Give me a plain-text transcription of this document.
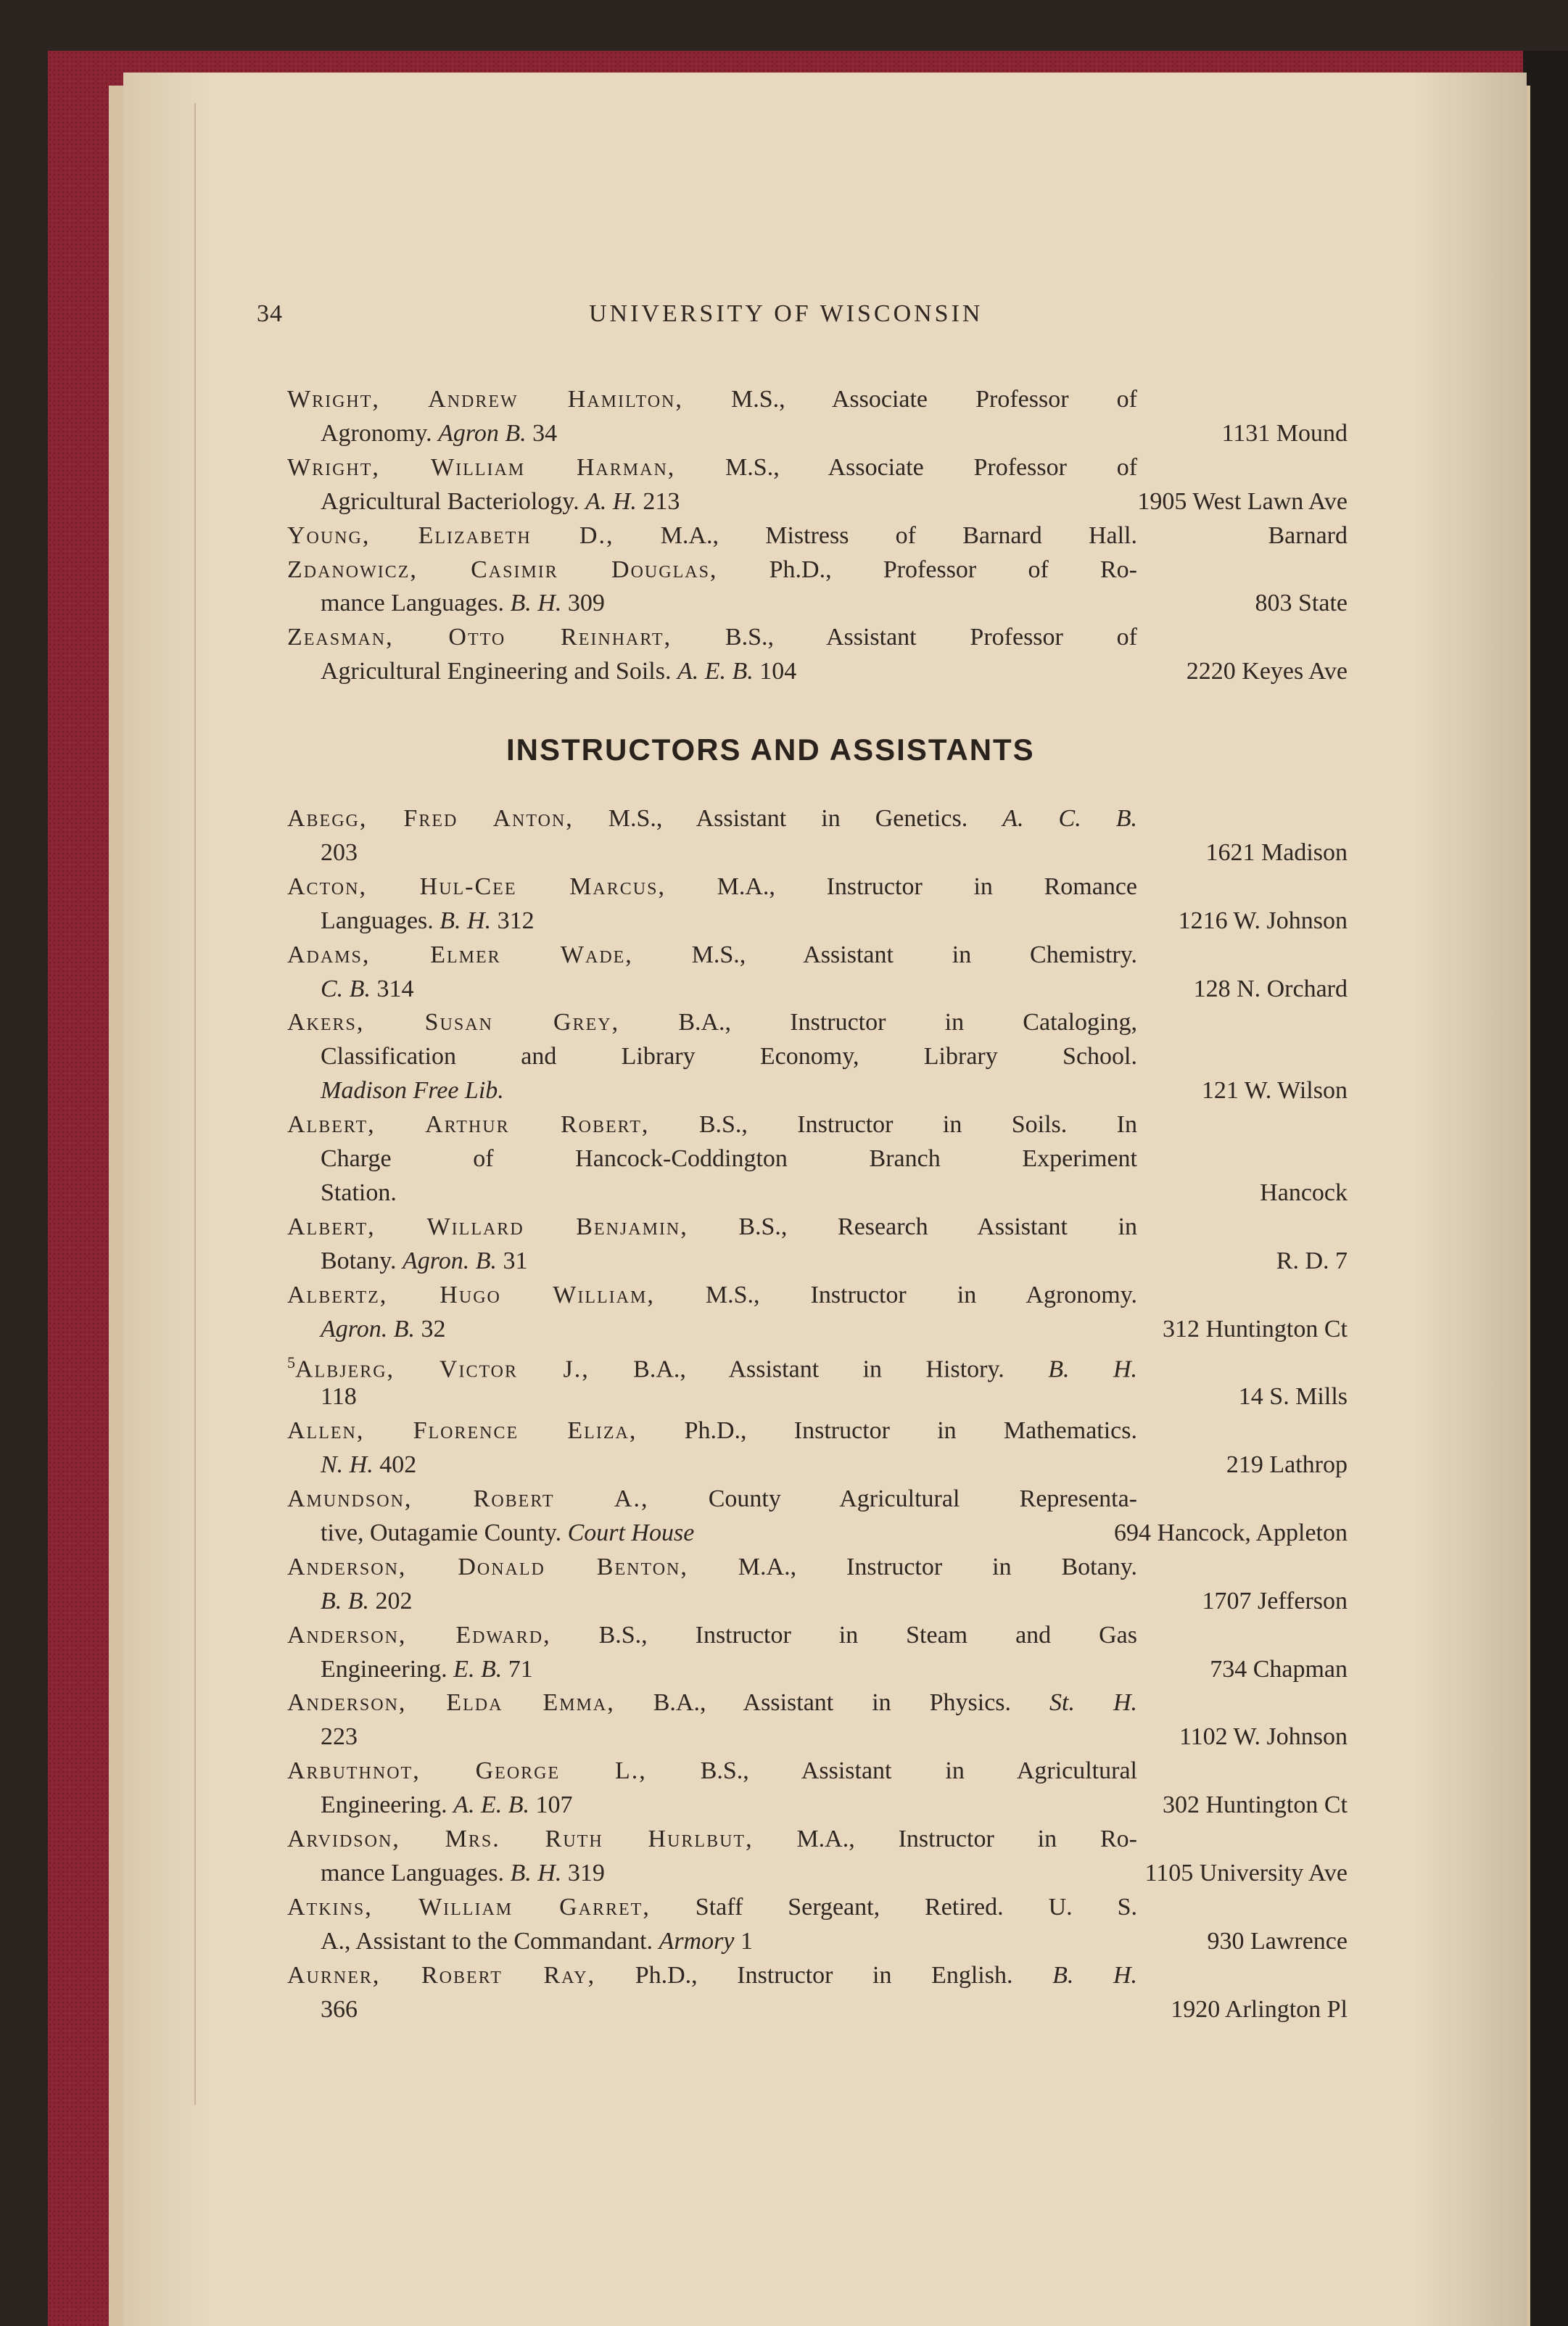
34	UNIVERSITY OF WISCONSIN
Wright, Andrew Hamilton, M.S., Associate Professor of
Agronomy. Agron B. 34	1131 Mound
Wright, William Harman, M.S., Associate Professor of
Agricultural Bacteriology. A. H. 213	1905 West Lawn Ave
Young, Elizabeth D., M.A., Mistress of Barnard Hall.	Barnard
Zdanowicz, Casimir Douglas, Ph.D., Professor of Ro-
mance Languages. B. H. 309	803 State
Zeasman, Otto Reinhart, B.S., Assistant Professor of
Agricultural Engineering and Soils. A. E. B. 104	2220 Keyes Ave
INSTRUCTORS AND ASSISTANTS
Abegg, Fred Anton, M.S., Assistant in Genetics. A. C. B.
203	1621 Madison
Acton, Hul-Cee Marcus, M.A., Instructor in Romance
Languages. B. H. 312	1216 W. Johnson
Adams, Elmer Wade, M.S., Assistant in Chemistry.
C. B. 314	128 N. Orchard
Akers, Susan Grey, B.A., Instructor in Cataloging,
Classification and Library Economy, Library School.
Madison Free Lib.	121 W. Wilson
Albert, Arthur Robert, B.S., Instructor in Soils. In
Charge of Hancock-Coddington Branch Experiment
Station.	Hancock
Albert, Willard Benjamin, B.S., Research Assistant in
Botany. Agron. B. 31	R. D. 7
Albertz, Hugo William, M.S., Instructor in Agronomy.
Agron. B. 32	312 Huntington Ct
$^5$Albjerg, Victor J., B.A., Assistant in History. B. H.
118	14 S. Mills
Allen, Florence Eliza, Ph.D., Instructor in Mathematics.
N. H. 402	219 Lathrop
Amundson, Robert A., County Agricultural Representa-
tive, Outagamie County. Court House	694 Hancock, Appleton
Anderson, Donald Benton, M.A., Instructor in Botany.
B. B. 202	1707 Jefferson
Anderson, Edward, B.S., Instructor in Steam and Gas
Engineering. E. B. 71	734 Chapman
Anderson, Elda Emma, B.A., Assistant in Physics. St. H.
223	1102 W. Johnson
Arbuthnot, George L., B.S., Assistant in Agricultural
Engineering. A. E. B. 107	302 Huntington Ct
Arvidson, Mrs. Ruth Hurlbut, M.A., Instructor in Ro-
mance Languages. B. H. 319	1105 University Ave
Atkins, William Garret, Staff Sergeant, Retired. U. S.
A., Assistant to the Commandant. Armory 1	930 Lawrence
Aurner, Robert Ray, Ph.D., Instructor in English. B. H.
366	1920 Arlington Pl
